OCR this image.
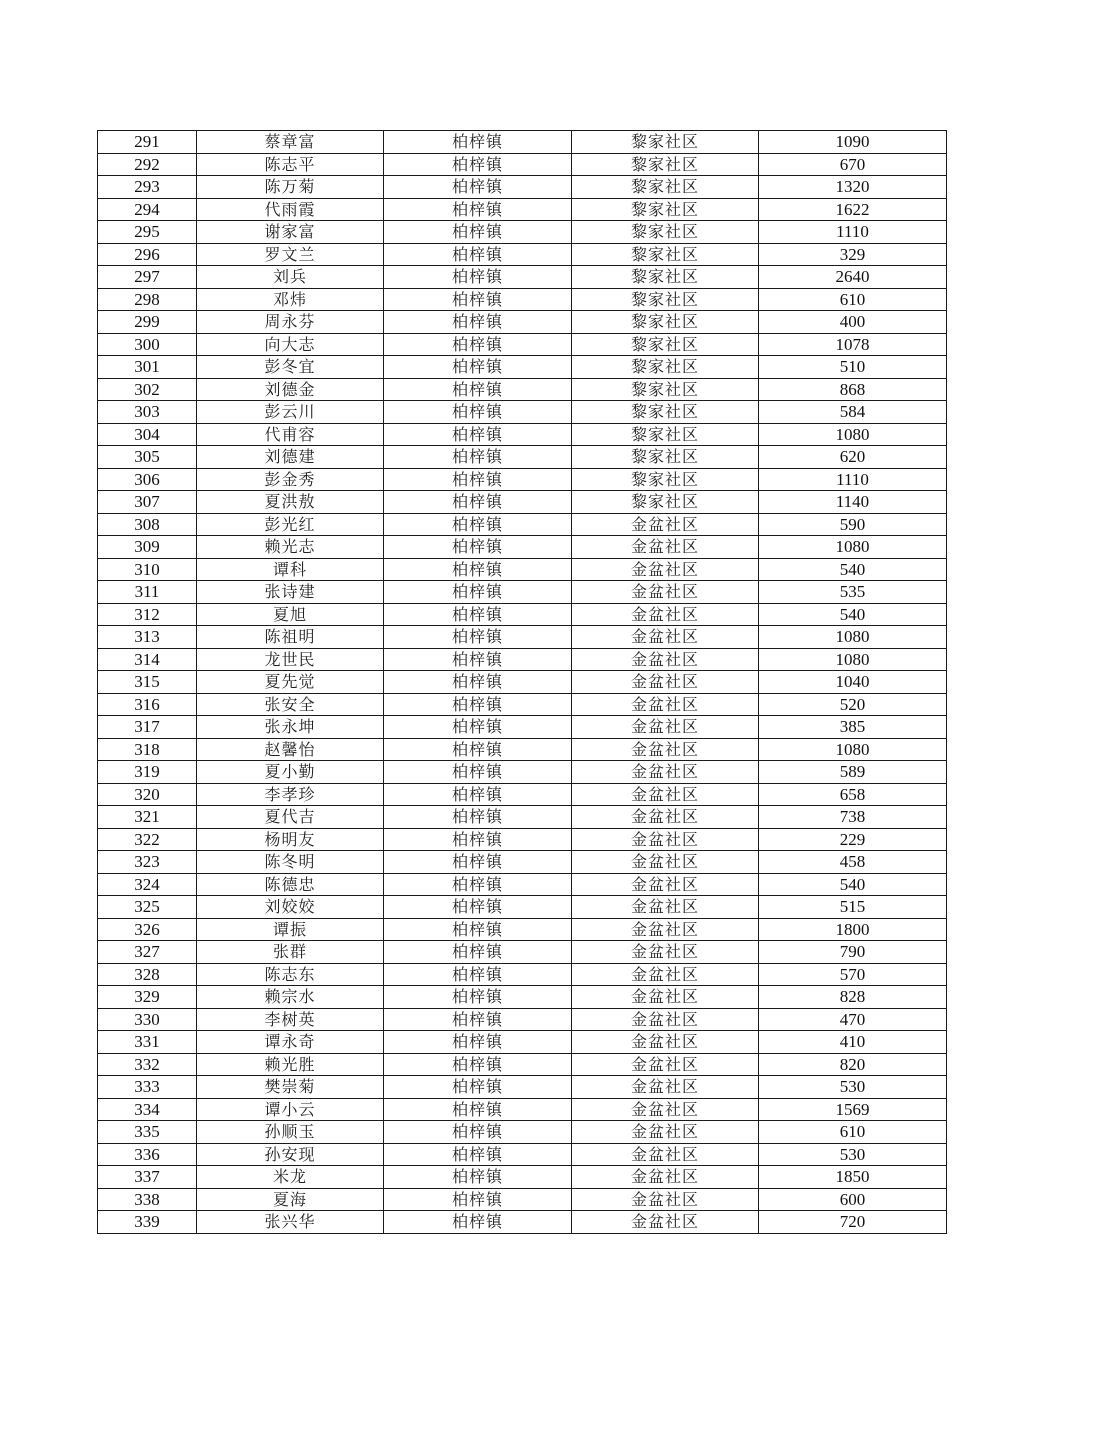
291	蔡章富	柏梓镇	黎家社区	1090
292	陈志平	柏梓镇	黎家社区	670
293	陈万菊	柏梓镇	黎家社区	1320
294	代雨霞	柏梓镇	黎家社区	1622
295	谢家富	柏梓镇	黎家社区	1110
296	罗文兰	柏梓镇	黎家社区	329
297	刘兵	柏梓镇	黎家社区	2640
298	邓炜	柏梓镇	黎家社区	610
299	周永芬	柏梓镇	黎家社区	400
300	向大志	柏梓镇	黎家社区	1078
301	彭冬宜	柏梓镇	黎家社区	510
302	刘德金	柏梓镇	黎家社区	868
303	彭云川	柏梓镇	黎家社区	584
304	代甫容	柏梓镇	黎家社区	1080
305	刘德建	柏梓镇	黎家社区	620
306	彭金秀	柏梓镇	黎家社区	1110
307	夏洪敖	柏梓镇	黎家社区	1140
308	彭光红	柏梓镇	金盆社区	590
309	赖光志	柏梓镇	金盆社区	1080
310	谭科	柏梓镇	金盆社区	540
311	张诗建	柏梓镇	金盆社区	535
312	夏旭	柏梓镇	金盆社区	540
313	陈祖明	柏梓镇	金盆社区	1080
314	龙世民	柏梓镇	金盆社区	1080
315	夏先觉	柏梓镇	金盆社区	1040
316	张安全	柏梓镇	金盆社区	520
317	张永坤	柏梓镇	金盆社区	385
318	赵馨怡	柏梓镇	金盆社区	1080
319	夏小勤	柏梓镇	金盆社区	589
320	李孝珍	柏梓镇	金盆社区	658
321	夏代吉	柏梓镇	金盆社区	738
322	杨明友	柏梓镇	金盆社区	229
323	陈冬明	柏梓镇	金盆社区	458
324	陈德忠	柏梓镇	金盆社区	540
325	刘姣姣	柏梓镇	金盆社区	515
326	谭振	柏梓镇	金盆社区	1800
327	张群	柏梓镇	金盆社区	790
328	陈志东	柏梓镇	金盆社区	570
329	赖宗水	柏梓镇	金盆社区	828
330	李树英	柏梓镇	金盆社区	470
331	谭永奇	柏梓镇	金盆社区	410
332	赖光胜	柏梓镇	金盆社区	820
333	樊崇菊	柏梓镇	金盆社区	530
334	谭小云	柏梓镇	金盆社区	1569
335	孙顺玉	柏梓镇	金盆社区	610
336	孙安现	柏梓镇	金盆社区	530
337	米龙	柏梓镇	金盆社区	1850
338	夏海	柏梓镇	金盆社区	600
339	张兴华	柏梓镇	金盆社区	720
